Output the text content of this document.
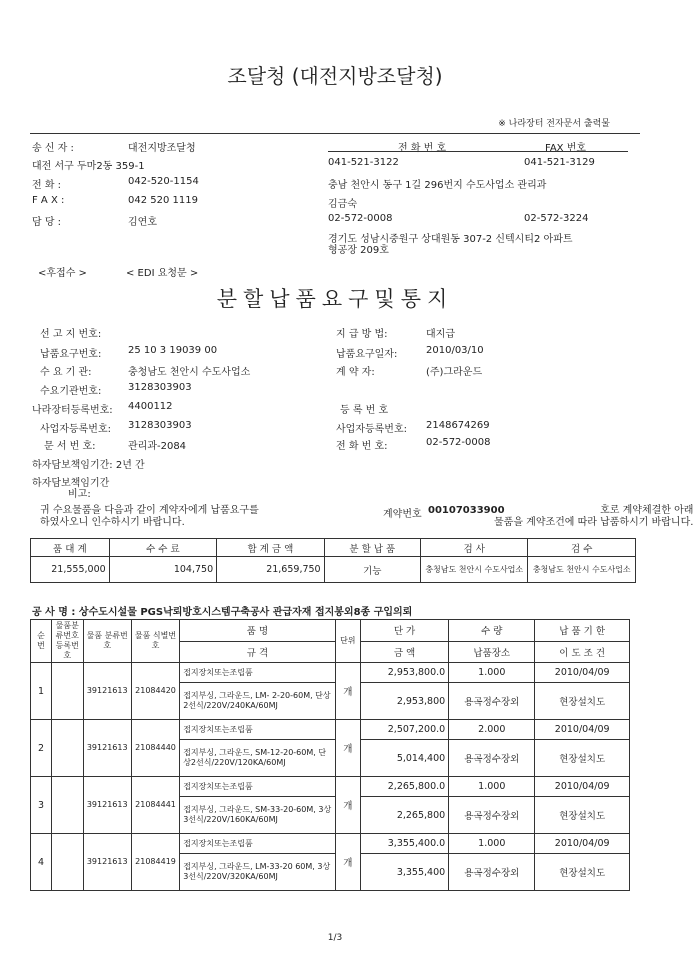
조달청 (대전지방조달청)
※ 나라장터 전자문서 출력물
송 신 자 :	대전지방조달청
대전 서구 두마2동 359-1
전 화 :	042-520-1154
F A X :	042 520 1119
담 당 :	김연호
전 화 번 호	FAX 번호
041-521-3122	041-521-3129
충남 천안시 동구 1길 296번지 수도사업소 관리과
김금숙
02-572-0008	02-572-3224
경기도 성남시중원구 상대원동 307-2 신텍시티2 아파트
형공장 209호
<후접수 >	< EDI 요청문 >
분할납품요구및통지
선 고 지 번호:
납품요구번호:	25 10 3 19039 00
수 요 기 관:	충청남도 천안시 수도사업소
수요기관번호:	3128303903
나라장터등록번호: 4400112
사업자등록번호: 3128303903
문 서 번 호:	관리과-2084
지 급 방 법:	대지급
납품요구일자:	2010/03/10
계 약 자:	(주)그라운드
등 록 번 호
사업자등록번호: 2148674269
전 화 번 호:	02-572-0008
하자담보책임기간: 2년 간
하자담보책임기간
비고:
귀 수요물품을 다음과 같이 계약자에게 납품요구를
하였사오니 인수하시기 바랍니다.
계약번호 00107033900	호로 계약체결한 아래
물품을 계약조건에 따라 납품하시기 바랍니다.
품 대 계	수 수 료	합 계 금 액	분 할 납 품	검 사	검 수
21,555,000	104,750	21,659,750	기능	충청남도 천안시 수도사업소	충청남도 천안시 수도사업소
공 사 명 : 상수도시설물 PGS낙뢰방호시스템구축공사 관급자재 접지봉외8종 구입의뢰
순번	물품분류번호 등록번호	물품 분류번호	물품 식별번호	품 명	단위	단 가	수 량	납 품 기 한
				규 격		금 액	납품장소	이 도 조 건
1		39121613	21084420	접지장치또는조립품	개	2,953,800.0	1.000	2010/04/09
				접지부싱, 그라운드, LM- 2-20-60M, 단상2선식/220V/240KA/60MJ		2,953,800	용곡정수장외	현장설치도
2		39121613	21084440	접지장치또는조립품	개	2,507,200.0	2.000	2010/04/09
				접지부싱, 그라운드, SM-12-20-60M, 단상2선식/220V/120KA/60MJ		5,014,400	용곡정수장외	현장설치도
3		39121613	21084441	접지장치또는조립품	개	2,265,800.0	1.000	2010/04/09
				접지부싱, 그라운드, SM-33-20-60M, 3상3선식/220V/160KA/60MJ		2,265,800	용곡정수장외	현장설치도
4		39121613	21084419	접지장치또는조립품	개	3,355,400.0	1.000	2010/04/09
				접지부싱, 그라운드, LM-33-20 60M, 3상3선식/220V/320KA/60MJ		3,355,400	용곡정수장외	현장설치도
1/3
